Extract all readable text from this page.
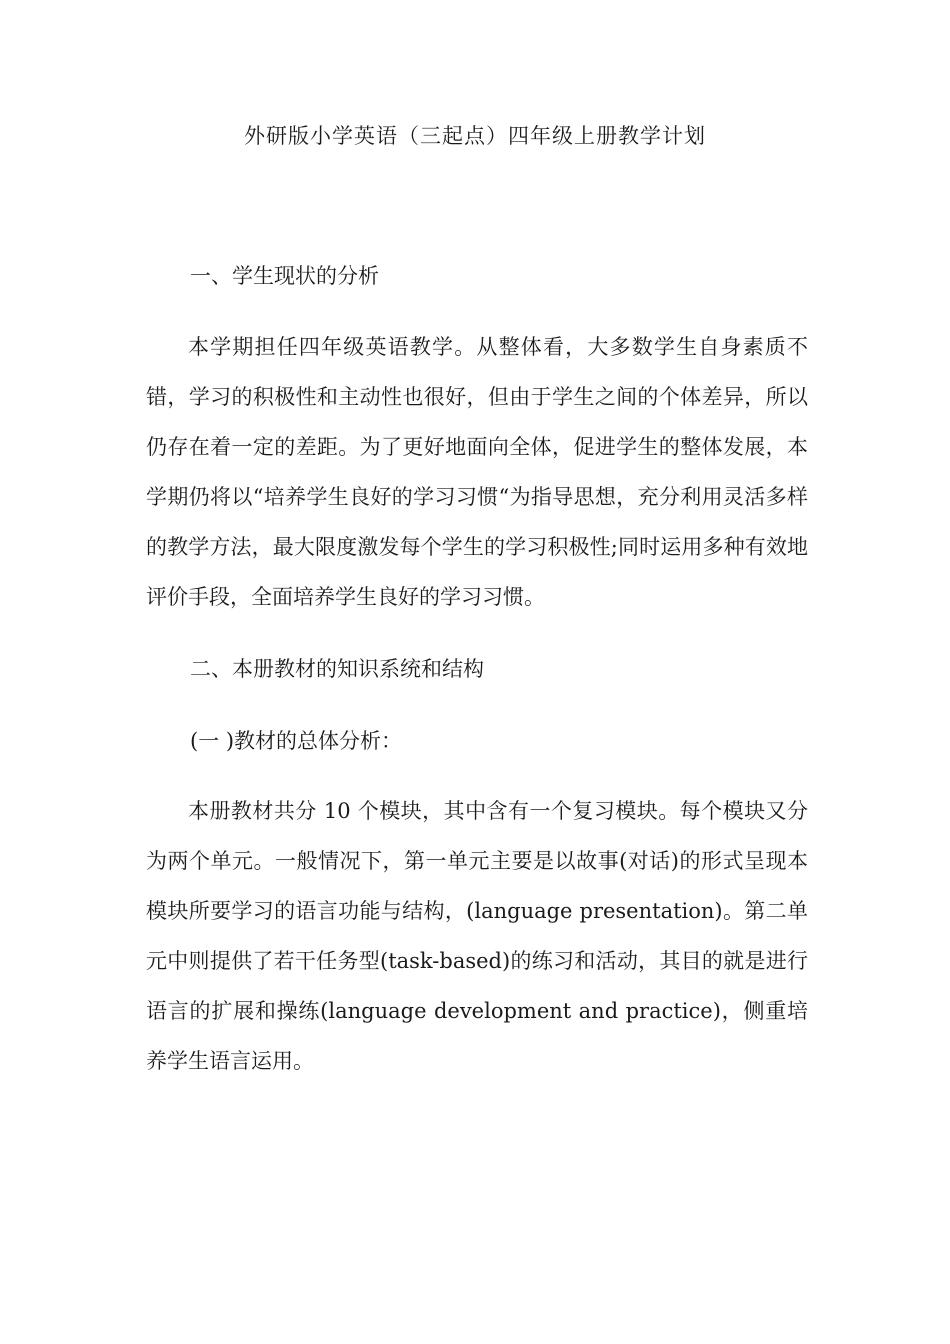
外研版小学英语（三起点）四年级上册教学计划
一、学生现状的分析
本学期担任四年级英语教学。从整体看，大多数学生自身素质不错，学习的积极性和主动性也很好，但由于学生之间的个体差异，所以仍存在着一定的差距。为了更好地面向全体，促进学生的整体发展，本学期仍将以“培养学生良好的学习习惯“为指导思想，充分利用灵活多样的教学方法，最大限度激发每个学生的学习积极性;同时运用多种有效地评价手段，全面培养学生良好的学习习惯。
二、本册教材的知识系统和结构
(一 )教材的总体分析：
本册教材共分 10 个模块，其中含有一个复习模块。每个模块又分为两个单元。一般情况下，第一单元主要是以故事(对话)的形式呈现本模块所要学习的语言功能与结构，(language presentation)。第二单元中则提供了若干任务型(task-based)的练习和活动，其目的就是进行语言的扩展和操练(language development and practice)，侧重培养学生语言运用。
